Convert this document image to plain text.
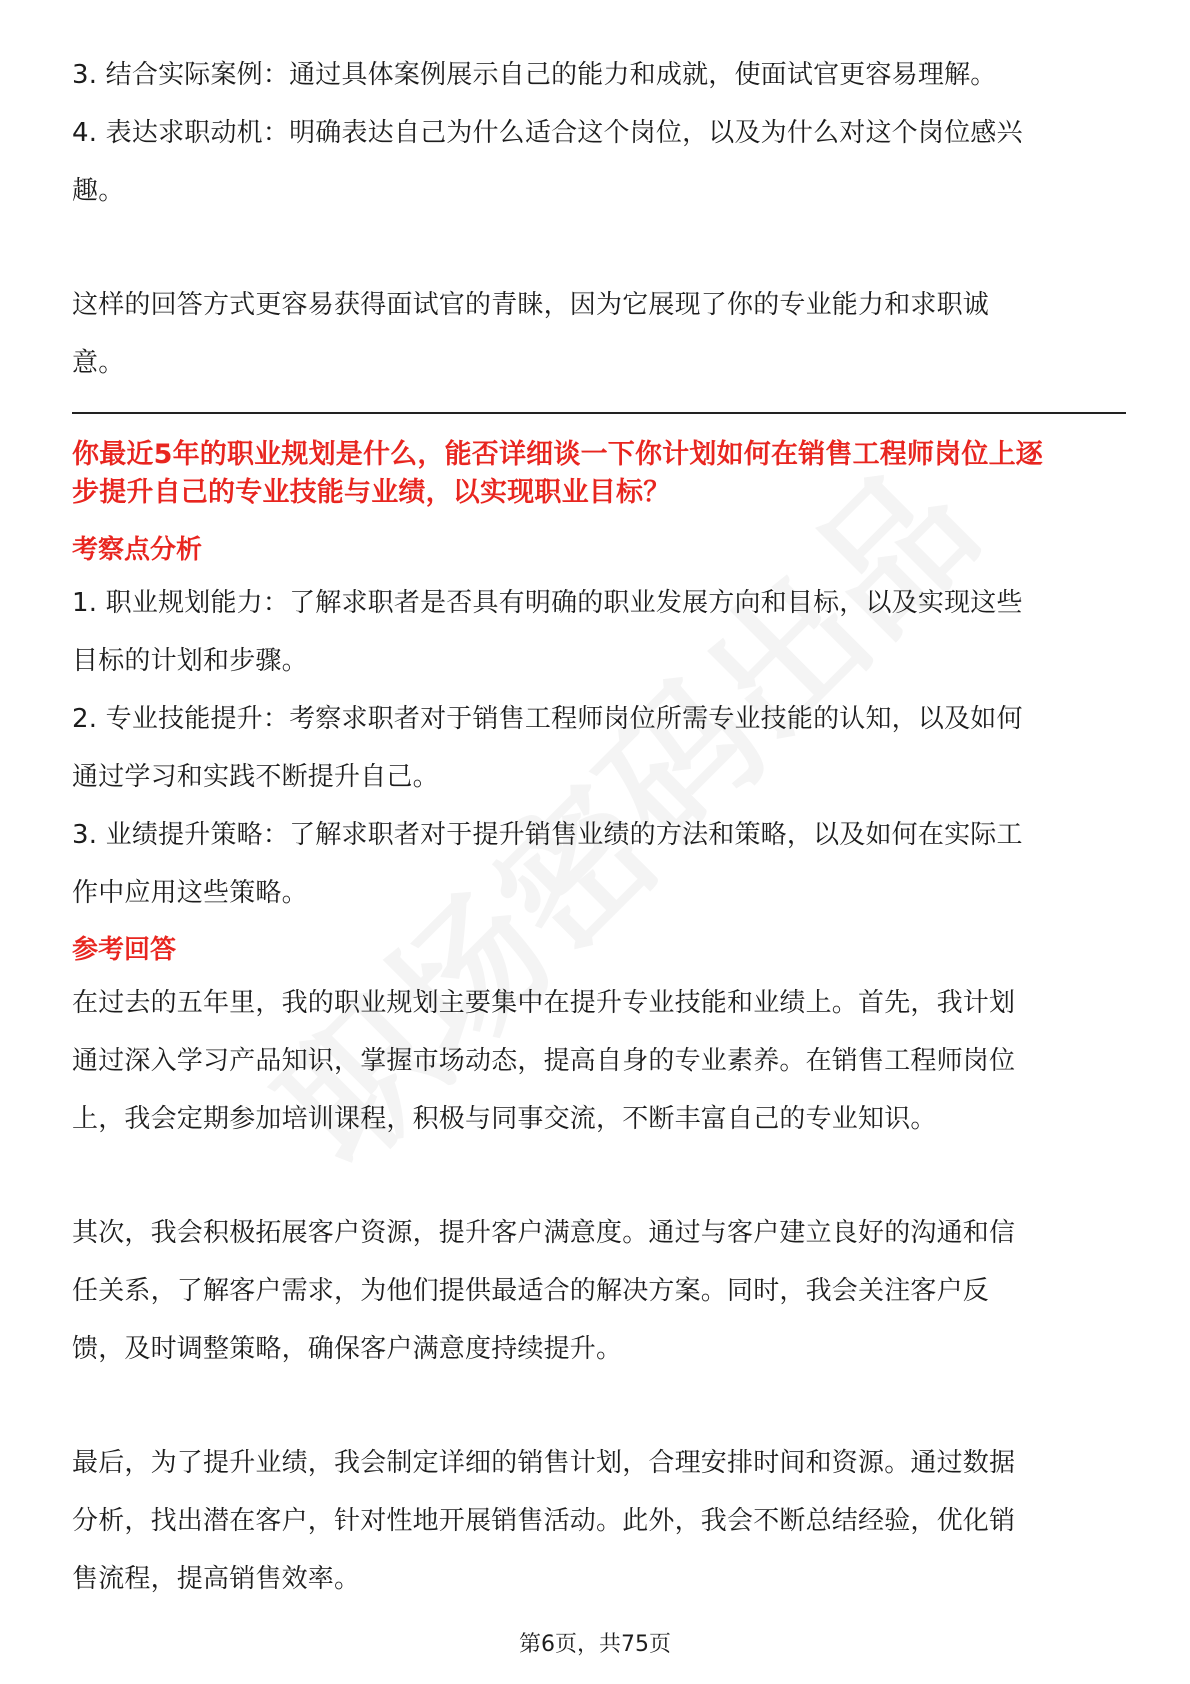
3. 结合实际案例：通过具体案例展示自己的能力和成就，使面试官更容易理解。

4. 表达求职动机：明确表达自己为什么适合这个岗位，以及为什么对这个岗位感兴

趣。

这样的回答方式更容易获得面试官的青睐，因为它展现了你的专业能力和求职诚

意。

你最近5年的职业规划是什么，能否详细谈一下你计划如何在销售工程师岗位上逐
步提升自己的专业技能与业绩，以实现职业目标？
考察点分析

1. 职业规划能力：了解求职者是否具有明确的职业发展方向和目标，以及实现这些

目标的计划和步骤。

2. 专业技能提升：考察求职者对于销售工程师岗位所需专业技能的认知，以及如何

通过学习和实践不断提升自己。

3. 业绩提升策略：了解求职者对于提升销售业绩的方法和策略，以及如何在实际工

作中应用这些策略。

参考回答

在过去的五年里，我的职业规划主要集中在提升专业技能和业绩上。首先，我计划

通过深入学习产品知识，掌握市场动态，提高自身的专业素养。在销售工程师岗位

上，我会定期参加培训课程，积极与同事交流，不断丰富自己的专业知识。

其次，我会积极拓展客户资源，提升客户满意度。通过与客户建立良好的沟通和信

任关系，了解客户需求，为他们提供最适合的解决方案。同时，我会关注客户反

馈，及时调整策略，确保客户满意度持续提升。

最后，为了提升业绩，我会制定详细的销售计划，合理安排时间和资源。通过数据

分析，找出潜在客户，针对性地开展销售活动。此外，我会不断总结经验，优化销

售流程，提高销售效率。

第6页，共75页
